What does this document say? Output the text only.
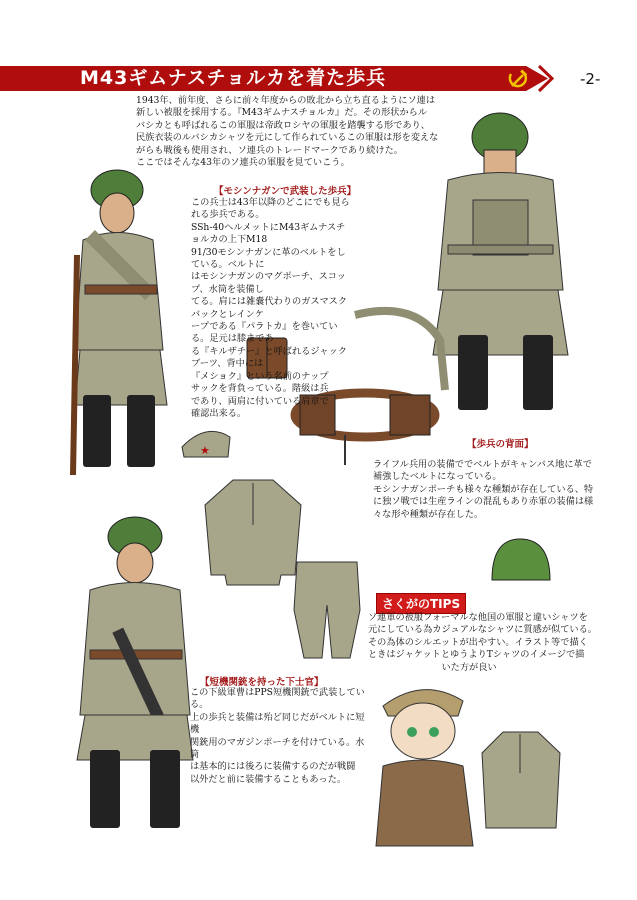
M43ギムナスチョルカを着た歩兵	-2-
1943年、前年度、さらに前々年度からの敗北から立ち直るようにソ連は
新しい被服を採用する。『M43ギムナスチョルカ』だ。その形状からル
バシカとも呼ばれるこの軍服は帝政ロシヤの軍服を踏襲する形であり、
民族衣装のルバシカシャツを元にして作られているこの軍服は形を変えな
がらも戦後も使用され、ソ連兵のトレードマークであり続けた。
ここではそんな43年のソ連兵の軍服を見ていこう。
★
【モシンナガンで武装した歩兵】
この兵士は43年以降のどこにでも見られる歩兵である。
SSh-40ヘルメットにM43ギムナスチョルカの上下M18
91/30モシンナガンに革のベルトをしている。ベルトに
はモシンナガンのマグポーチ、スコップ、水筒を装備し
てる。肩には雑嚢代わりのガスマスクバックとレインケ
ープである『パラトカ』を巻いている。足元は膝まであ
る『キルザチー』と呼ばれるジャックブーツ、背中には
『メショク』という名前のナップ
サックを背負っている。階級は兵
であり、両肩に付いている肩章で
確認出来る。
【歩兵の背面】
ライフル兵用の装備ででベルトがキャンバス地に革で
補強したベルトになっている。
モシンナガンポーチも様々な種類が存在している、特
に独ソ戦では生産ラインの混乱もあり赤軍の装備は様
々な形や種類が存在した。
さくがのTIPS
ソ連軍の被服フォーマルな他国の軍服と違いシャツを
元にしている為カジュアルなシャツに質感が似ている。
その為体のシルエットが出やすい。イラスト等で描く
ときはジャケットとゆうよりTシャツのイメージで描
　　　　　　　　いた方が良い
【短機関銃を持った下士官】
この下級軍曹はPPS短機関銃で武装している。
上の歩兵と装備は殆ど同じだがベルトに短機
関銃用のマガジンポーチを付けている。水筒
は基本的には後ろに装備するのだが戦闘
以外だと前に装備することもあった。
